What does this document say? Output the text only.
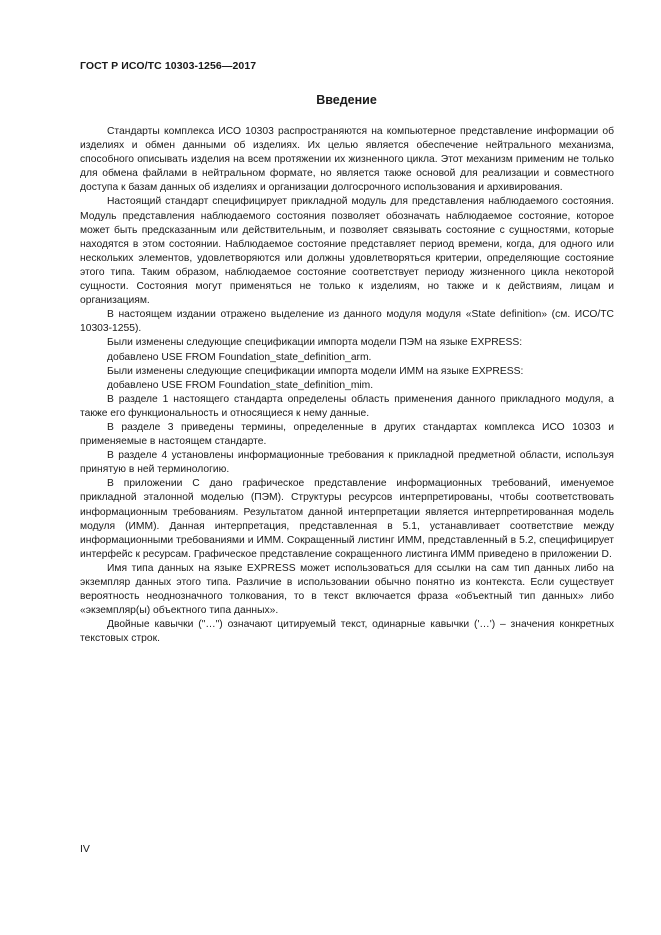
ГОСТ Р ИСО/ТС 10303-1256—2017
Введение

Стандарты комплекса ИСО 10303 распространяются на компьютерное представление информации об изделиях и обмен данными об изделиях. Их целью является обеспечение нейтрального механизма, способного описывать изделия на всем протяжении их жизненного цикла. Этот механизм применим не только для обмена файлами в нейтральном формате, но является также основой для реализации и совместного доступа к базам данных об изделиях и организации долгосрочного использования и архивирования.

Настоящий стандарт специфицирует прикладной модуль для представления наблюдаемого состояния. Модуль представления наблюдаемого состояния позволяет обозначать наблюдаемое состояние, которое может быть предсказанным или действительным, и позволяет связывать состояние с сущностями, которые находятся в этом состоянии. Наблюдаемое состояние представляет период времени, когда, для одного или нескольких элементов, удовлетворяются или должны удовлетворяться критерии, определяющие состояние этого типа. Таким образом, наблюдаемое состояние соответствует периоду жизненного цикла некоторой сущности. Состояния могут применяться не только к изделиям, но также и к действиям, лицам и организациям.

В настоящем издании отражено выделение из данного модуля модуля «State definition» (см. ИСО/ТС 10303-1255).

Были изменены следующие спецификации импорта модели ПЭМ на языке EXPRESS:

добавлено USE FROM Foundation_state_definition_arm.

Были изменены следующие спецификации импорта модели ИММ на языке EXPRESS:

добавлено USE FROM Foundation_state_definition_mim.

В разделе 1 настоящего стандарта определены область применения данного прикладного модуля, а также его функциональность и относящиеся к нему данные.

В разделе 3 приведены термины, определенные в других стандартах комплекса ИСО 10303 и применяемые в настоящем стандарте.

В разделе 4 установлены информационные требования к прикладной предметной области, используя принятую в ней терминологию.

В приложении С дано графическое представление информационных требований, именуемое прикладной эталонной моделью (ПЭМ). Структуры ресурсов интерпретированы, чтобы соответствовать информационным требованиям. Результатом данной интерпретации является интерпретированная модель модуля (ИММ). Данная интерпретация, представленная в 5.1, устанавливает соответствие между информационными требованиями и ИММ. Сокращенный листинг ИММ, представленный в 5.2, специфицирует интерфейс к ресурсам. Графическое представление сокращенного листинга ИММ приведено в приложении D.

Имя типа данных на языке EXPRESS может использоваться для ссылки на сам тип данных либо на экземпляр данных этого типа. Различие в использовании обычно понятно из контекста. Если существует вероятность неоднозначного толкования, то в текст включается фраза «объектный тип данных» либо «экземпляр(ы) объектного типа данных».

Двойные кавычки ("…") означают цитируемый текст, одинарные кавычки ('…') – значения конкретных текстовых строк.

IV
